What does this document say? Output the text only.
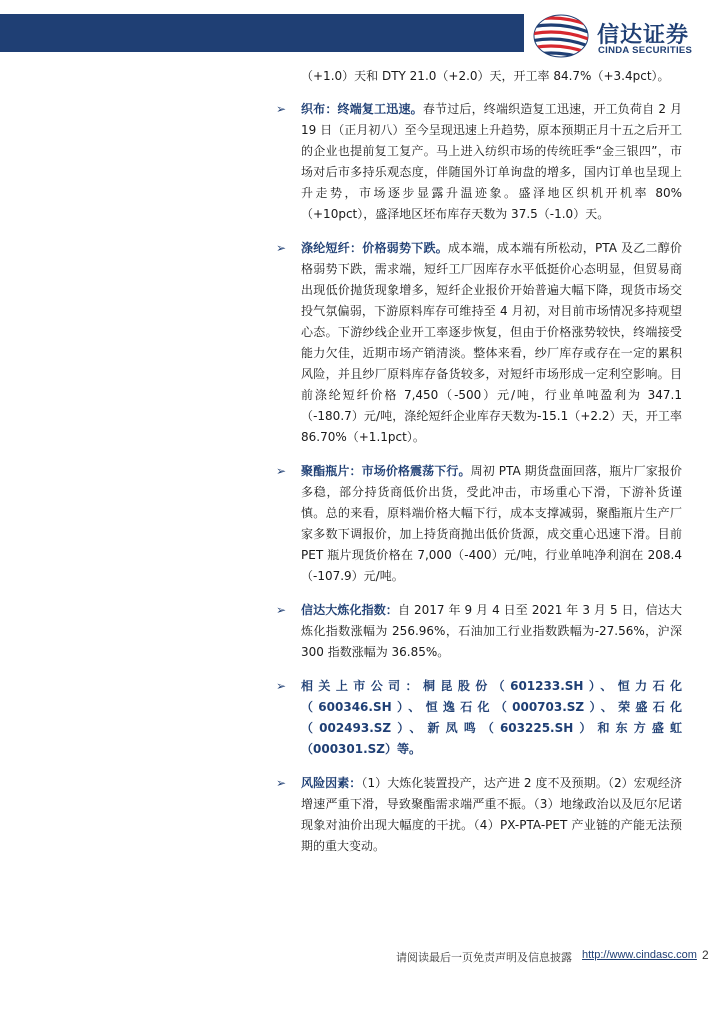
信达证券
CINDA SECURITIES

（+1.0）天和 DTY 21.0（+2.0）天，开工率 84.7%（+3.4pct）。

➢ 织布：终端复工迅速。春节过后，终端织造复工迅速，开工负荷自 2 月 19 日（正月初八）至今呈现迅速上升趋势，原本预期正月十五之后开工的企业也提前复工复产。马上进入纺织市场的传统旺季“金三银四”，市场对后市多持乐观态度，伴随国外订单询盘的增多，国内订单也呈现上升走势，市场逐步显露升温迹象。盛泽地区织机开机率 80%（+10pct），盛泽地区坯布库存天数为 37.5（-1.0）天。
➢ 涤纶短纤：价格弱势下跌。成本端，成本端有所松动，PTA 及乙二醇价格弱势下跌，需求端，短纤工厂因库存水平低挺价心态明显，但贸易商出现低价抛货现象增多，短纤企业报价开始普遍大幅下降，现货市场交投气氛偏弱，下游原料库存可维持至 4 月初，对目前市场情况多持观望心态。下游纱线企业开工率逐步恢复，但由于价格涨势较快，终端接受能力欠佳，近期市场产销清淡。整体来看，纱厂库存或存在一定的累积风险，并且纱厂原料库存备货较多，对短纤市场形成一定利空影响。目前涤纶短纤价格 7,450（-500）元/吨，行业单吨盈利为 347.1（-180.7）元/吨，涤纶短纤企业库存天数为-15.1（+2.2）天，开工率 86.70%（+1.1pct）。
➢ 聚酯瓶片：市场价格震荡下行。周初 PTA 期货盘面回落，瓶片厂家报价多稳，部分持货商低价出货，受此冲击，市场重心下滑，下游补货谨慎。总的来看，原料端价格大幅下行，成本支撑减弱，聚酯瓶片生产厂家多数下调报价，加上持货商抛出低价货源，成交重心迅速下滑。目前 PET 瓶片现货价格在 7,000（-400）元/吨，行业单吨净利润在 208.4（-107.9）元/吨。
➢ 信达大炼化指数：自 2017 年 9 月 4 日至 2021 年 3 月 5 日，信达大炼化指数涨幅为 256.96%，石油加工行业指数跌幅为-27.56%，沪深 300 指数涨幅为 36.85%。
➢ 相关上市公司：桐昆股份（601233.SH）、恒力石化（600346.SH）、恒逸石化（000703.SZ）、荣盛石化（002493.SZ）、新凤鸣（603225.SH）和东方盛虹（000301.SZ）等。
➢ 风险因素：（1）大炼化装置投产，达产进 2 度不及预期。（2）宏观经济增速严重下滑，导致聚酯需求端严重不振。（3）地缘政治以及厄尔尼诺现象对油价出现大幅度的干扰。（4）PX-PTA-PET 产业链的产能无法预期的重大变动。
请阅读最后一页免责声明及信息披露 http://www.cindasc.com 2
